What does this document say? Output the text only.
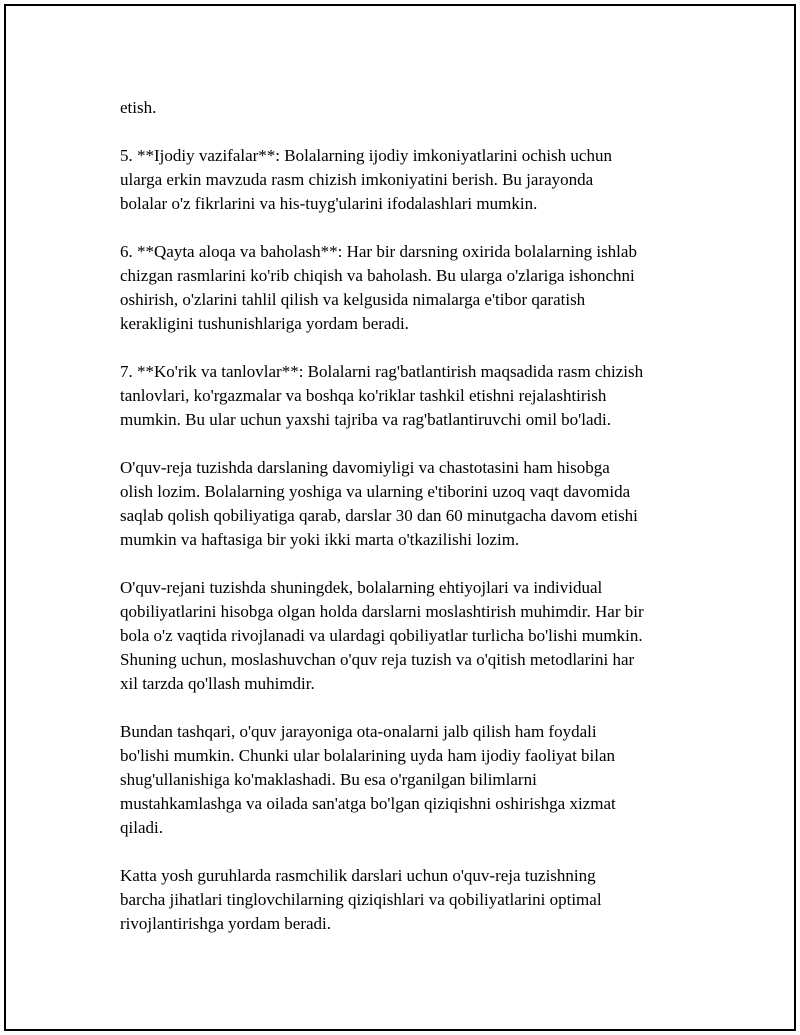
etish.

5. **Ijodiy vazifalar**: Bolalarning ijodiy imkoniyatlarini ochish uchun
ularga erkin mavzuda rasm chizish imkoniyatini berish. Bu jarayonda
bolalar o'z fikrlarini va his-tuyg'ularini ifodalashlari mumkin.

6. **Qayta aloqa va baholash**: Har bir darsning oxirida bolalarning ishlab
chizgan rasmlarini ko'rib chiqish va baholash. Bu ularga o'zlariga ishonchni
oshirish, o'zlarini tahlil qilish va kelgusida nimalarga e'tibor qaratish
kerakligini tushunishlariga yordam beradi.

7. **Ko'rik va tanlovlar**: Bolalarni rag'batlantirish maqsadida rasm chizish
tanlovlari, ko'rgazmalar va boshqa ko'riklar tashkil etishni rejalashtirish
mumkin. Bu ular uchun yaxshi tajriba va rag'batlantiruvchi omil bo'ladi.

O'quv-reja tuzishda darslaning davomiyligi va chastotasini ham hisobga
olish lozim. Bolalarning yoshiga va ularning e'tiborini uzoq vaqt davomida
saqlab qolish qobiliyatiga qarab, darslar 30 dan 60 minutgacha davom etishi
mumkin va haftasiga bir yoki ikki marta o'tkazilishi lozim.

O'quv-rejani tuzishda shuningdek, bolalarning ehtiyojlari va individual
qobiliyatlarini hisobga olgan holda darslarni moslashtirish muhimdir. Har bir
bola o'z vaqtida rivojlanadi va ulardagi qobiliyatlar turlicha bo'lishi mumkin.
Shuning uchun, moslashuvchan o'quv reja tuzish va o'qitish metodlarini har
xil tarzda qo'llash muhimdir.

Bundan tashqari, o'quv jarayoniga ota-onalarni jalb qilish ham foydali
bo'lishi mumkin. Chunki ular bolalarining uyda ham ijodiy faoliyat bilan
shug'ullanishiga ko'maklashadi. Bu esa o'rganilgan bilimlarni
mustahkamlashga va oilada san'atga bo'lgan qiziqishni oshirishga xizmat
qiladi.

Katta yosh guruhlarda rasmchilik darslari uchun o'quv-reja tuzishning
barcha jihatlari tinglovchilarning qiziqishlari va qobiliyatlarini optimal
rivojlantirishga yordam beradi.
